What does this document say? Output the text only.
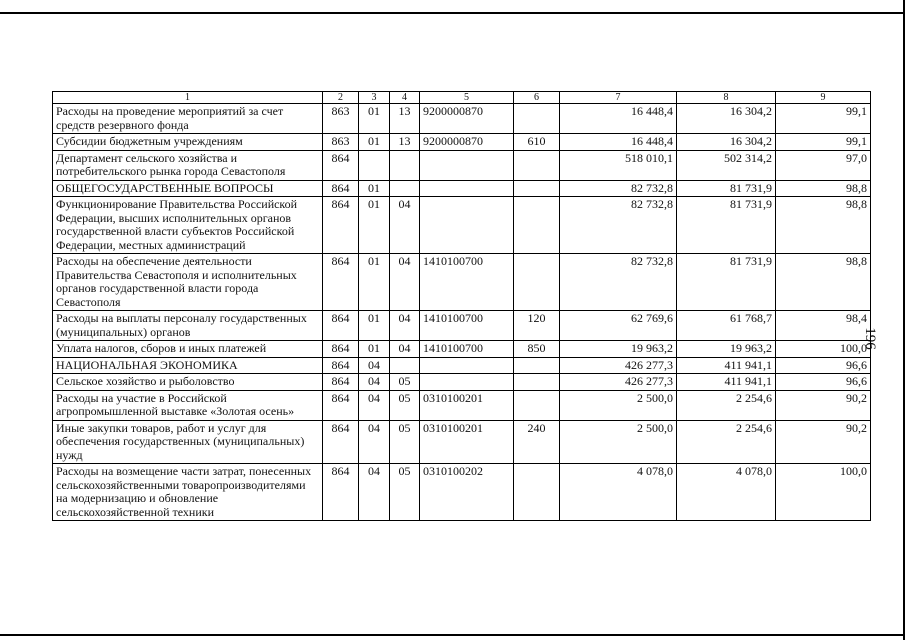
196
1	2	3	4	5	6	7	8	9
Расходы на проведение мероприятий за счет средств резервного фонда	863	01	13	9200000870		16 448,4	16 304,2	99,1
Субсидии бюджетным учреждениям	863	01	13	9200000870	610	16 448,4	16 304,2	99,1
Департамент сельского хозяйства и потребительского рынка города Севастополя	864					518 010,1	502 314,2	97,0
ОБЩЕГОСУДАРСТВЕННЫЕ ВОПРОСЫ	864	01				82 732,8	81 731,9	98,8
Функционирование Правительства Российской Федерации, высших исполнительных органов государственной власти субъектов Российской Федерации, местных администраций	864	01	04			82 732,8	81 731,9	98,8
Расходы на обеспечение деятельности Правительства Севастополя и исполнительных органов государственной власти города Севастополя	864	01	04	1410100700		82 732,8	81 731,9	98,8
Расходы на выплаты персоналу государственных (муниципальных) органов	864	01	04	1410100700	120	62 769,6	61 768,7	98,4
Уплата налогов, сборов и иных платежей	864	01	04	1410100700	850	19 963,2	19 963,2	100,0
НАЦИОНАЛЬНАЯ ЭКОНОМИКА	864	04				426 277,3	411 941,1	96,6
Сельское хозяйство и рыболовство	864	04	05			426 277,3	411 941,1	96,6
Расходы на участие в Российской агропромышленной выставке «Золотая осень»	864	04	05	0310100201		2 500,0	2 254,6	90,2
Иные закупки товаров, работ и услуг для обеспечения государственных (муниципальных) нужд	864	04	05	0310100201	240	2 500,0	2 254,6	90,2
Расходы на возмещение части затрат, понесенных сельскохозяйственными товаропроизводителями на модернизацию и обновление сельскохозяйственной техники	864	04	05	0310100202		4 078,0	4 078,0	100,0
